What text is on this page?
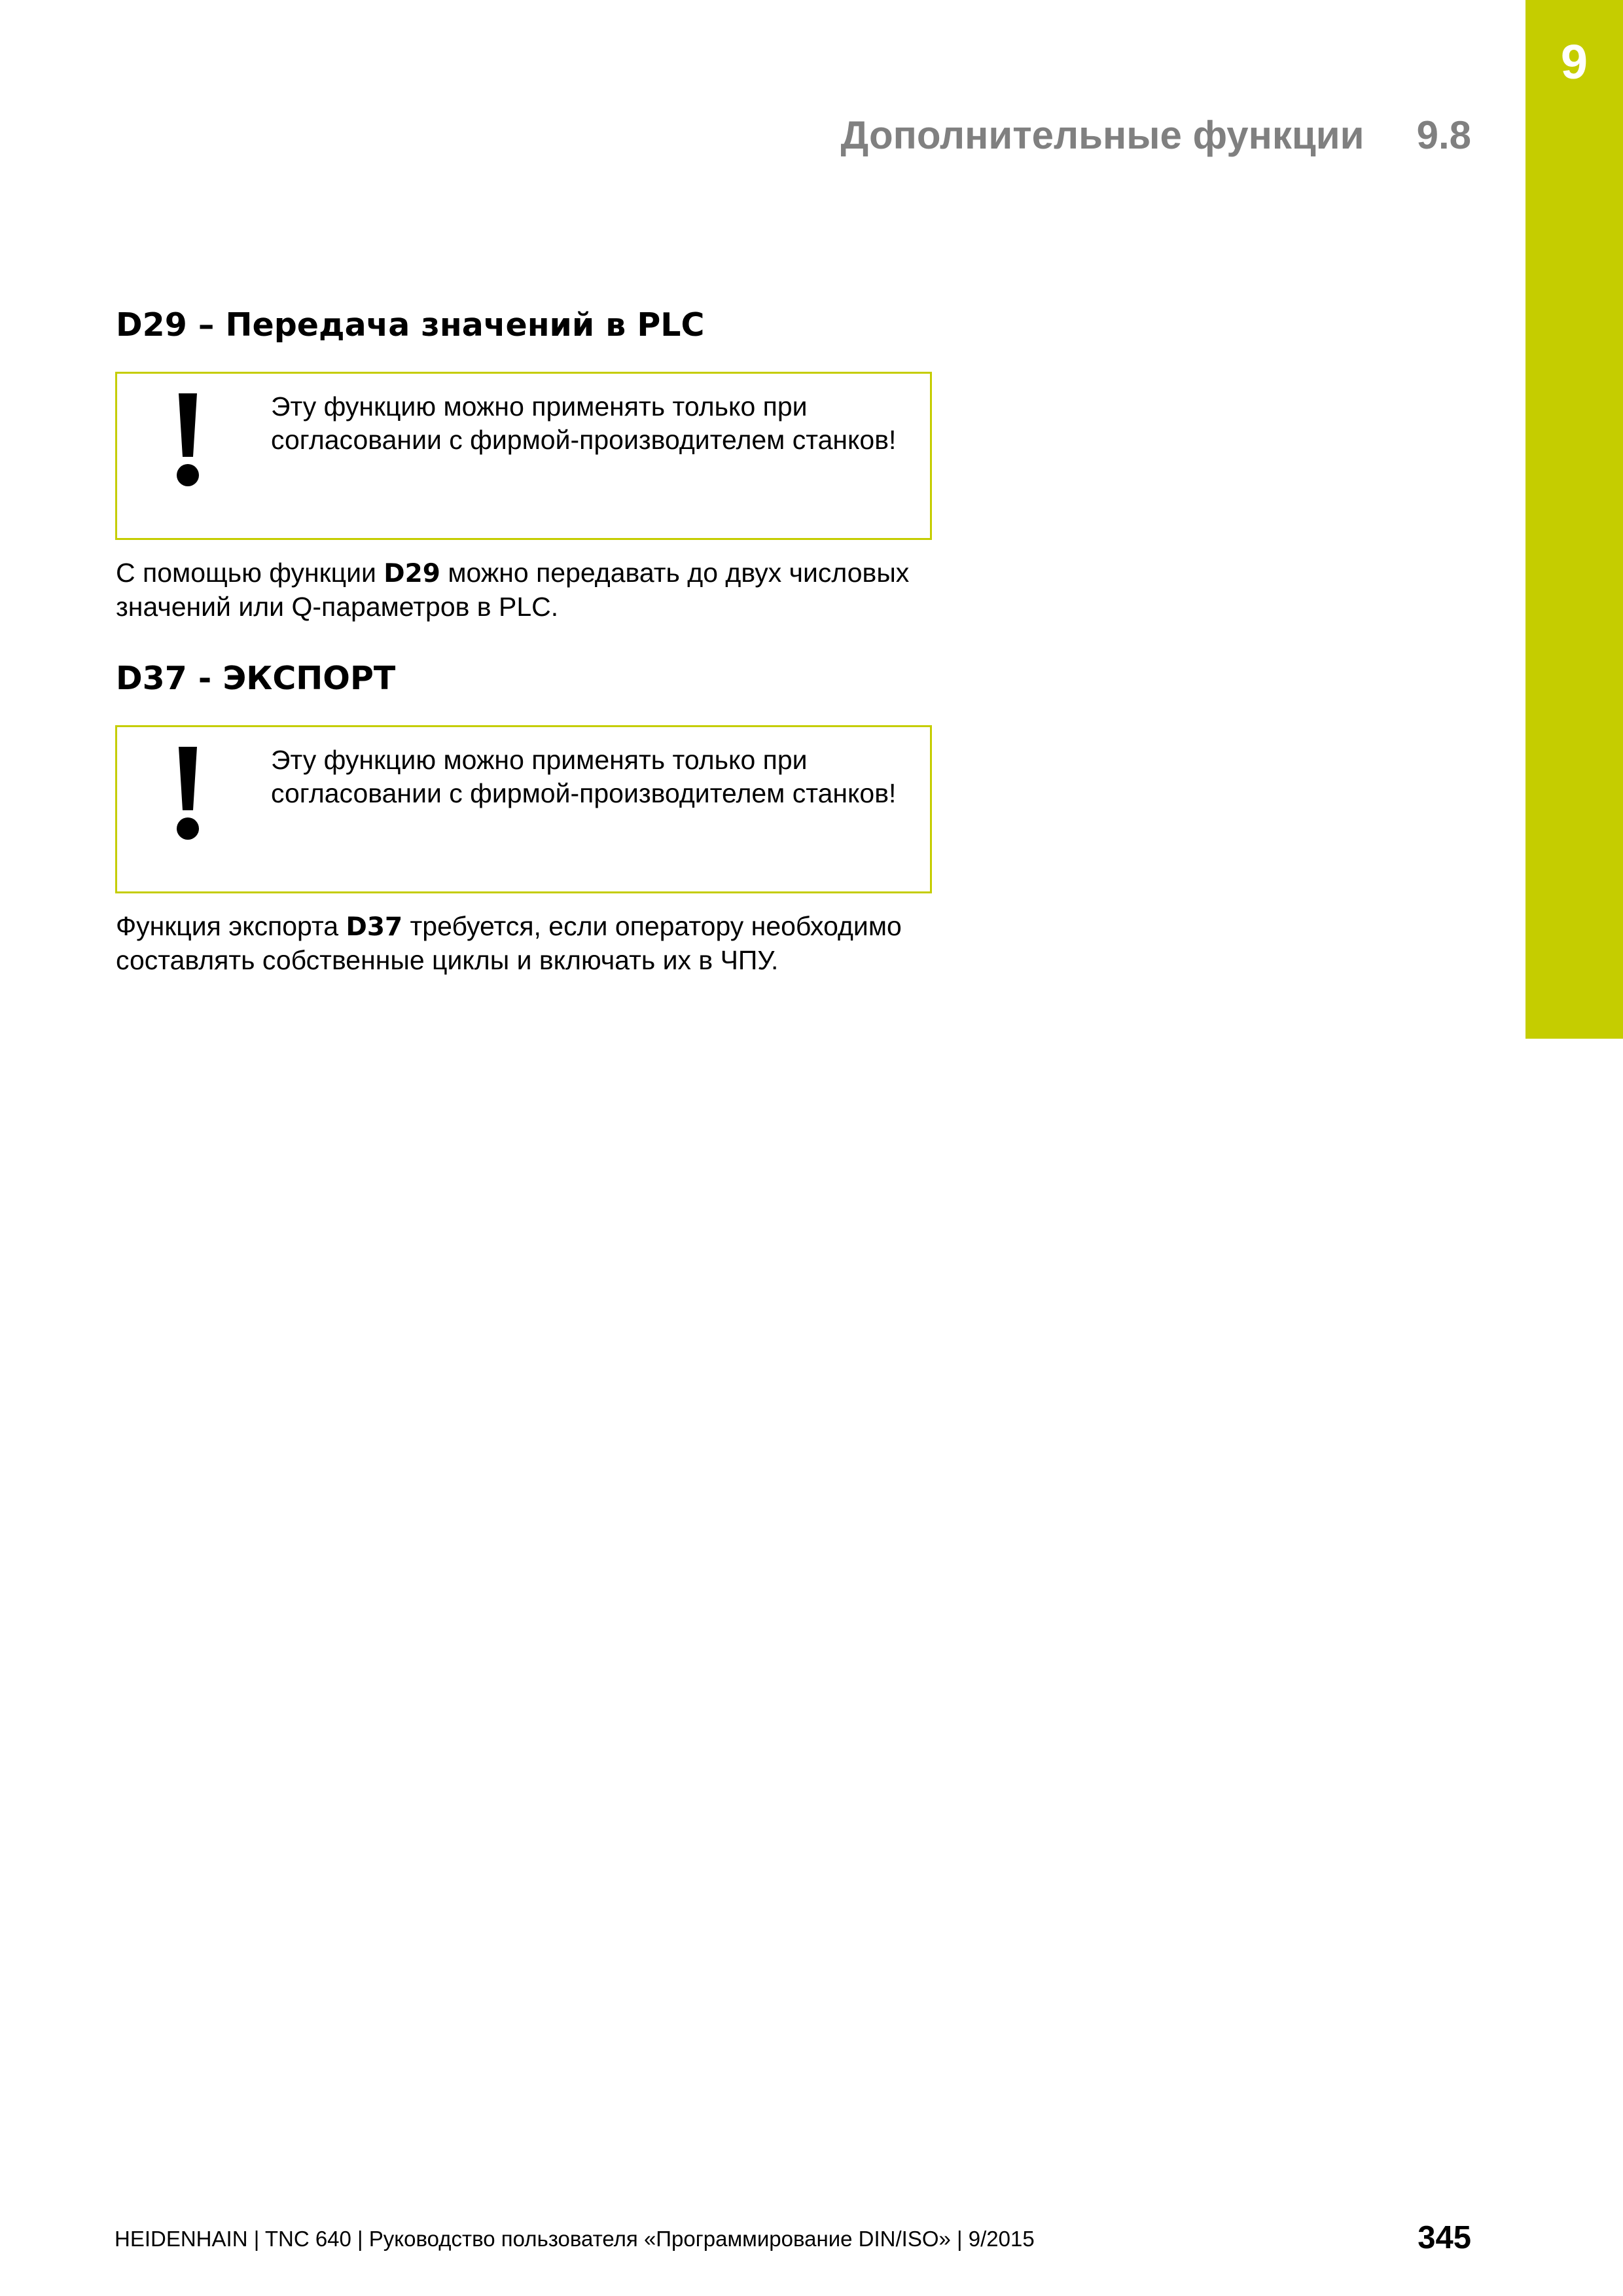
9
Дополнительные функции 9.8
D29 – Передача значений в PLC
Эту функцию можно применять только при
согласовании с фирмой-производителем станков!
С помощью функции D29 можно передавать до двух числовых
значений или Q-параметров в PLC.
D37 - ЭКСПОРТ
Эту функцию можно применять только при
согласовании с фирмой-производителем станков!
Функция экспорта D37 требуется, если оператору необходимо
составлять собственные циклы и включать их в ЧПУ.
HEIDENHAIN | TNC 640 | Руководство пользователя «Программирование DIN/ISO» | 9/2015	345
